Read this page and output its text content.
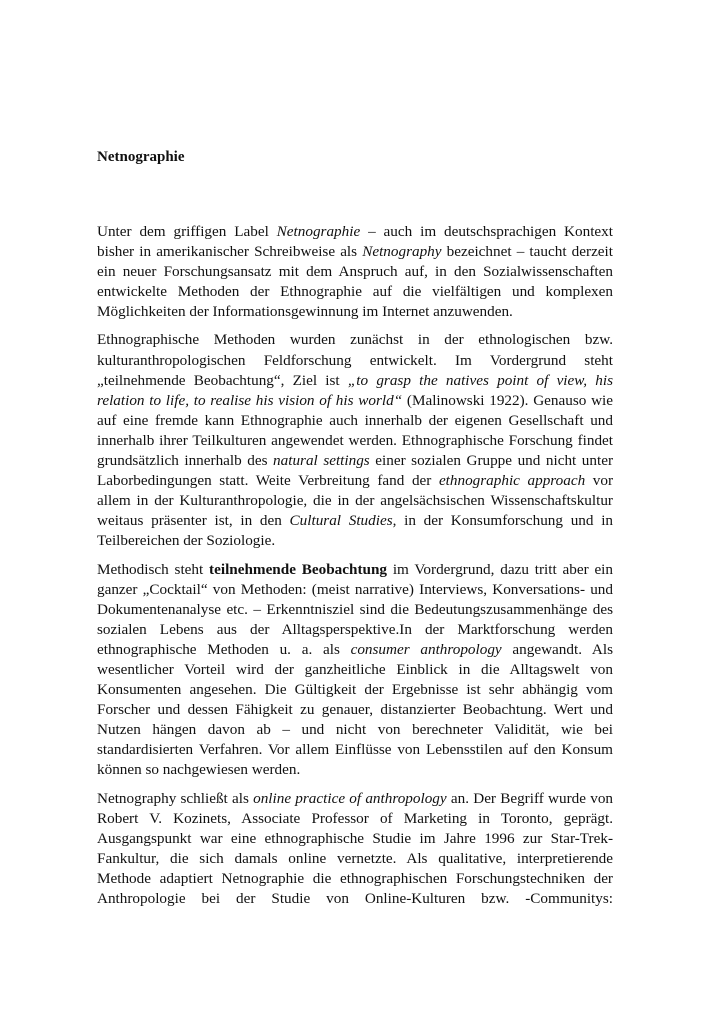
Netnographie

Unter dem griffigen Label Netnographie – auch im deutschsprachigen Kontext bisher in amerikanischer Schreibweise als Netnography bezeichnet – taucht derzeit ein neuer Forschungsansatz mit dem Anspruch auf, in den Sozialwissenschaften entwickelte Methoden der Ethnographie auf die vielfältigen und komplexen Möglichkeiten der Informationsgewinnung im Internet anzuwenden.

Ethnographische Methoden wurden zunächst in der ethnologischen bzw. kulturanthropologischen Feldforschung entwickelt. Im Vordergrund steht „teilnehmende Beobachtung“, Ziel ist „to grasp the natives point of view, his relation to life, to realise his vision of his world“ (Malinowski 1922). Genauso wie auf eine fremde kann Ethnographie auch innerhalb der eigenen Gesellschaft und innerhalb ihrer Teilkulturen angewendet werden. Ethnographische Forschung findet grundsätzlich innerhalb des natural settings einer sozialen Gruppe und nicht unter Laborbedingungen statt. Weite Verbreitung fand der ethnographic approach vor allem in der Kulturanthropologie, die in der angelsächsischen Wissenschaftskultur weitaus präsenter ist, in den Cultural Studies, in der Konsumforschung und in Teilbereichen der Soziologie.

Methodisch steht teilnehmende Beobachtung im Vordergrund, dazu tritt aber ein ganzer „Cocktail“ von Methoden: (meist narrative) Interviews, Konversations- und Dokumentenanalyse etc. – Erkenntnisziel sind die Bedeutungszusammenhänge des sozialen Lebens aus der Alltagsperspektive.In der Marktforschung werden ethnographische Methoden u. a. als consumer anthropology angewandt. Als wesentlicher Vorteil wird der ganzheitliche Einblick in die Alltagswelt von Konsumenten angesehen. Die Gültigkeit der Ergebnisse ist sehr abhängig vom Forscher und dessen Fähigkeit zu genauer, distanzierter Beobachtung. Wert und Nutzen hängen davon ab – und nicht von berechneter Validität, wie bei standardisierten Verfahren. Vor allem Einflüsse von Lebensstilen auf den Konsum können so nachgewiesen werden.

Netnography schließt als online practice of anthropology an. Der Begriff wurde von Robert V. Kozinets, Associate Professor of Marketing in Toronto, geprägt. Ausgangspunkt war eine ethnographische Studie im Jahre 1996 zur Star-Trek-Fankultur, die sich damals online vernetzte. Als qualitative, interpretierende Methode adaptiert Netnographie die ethnographischen Forschungstechniken der Anthropologie bei der Studie von Online-Kulturen bzw. -Communitys:
